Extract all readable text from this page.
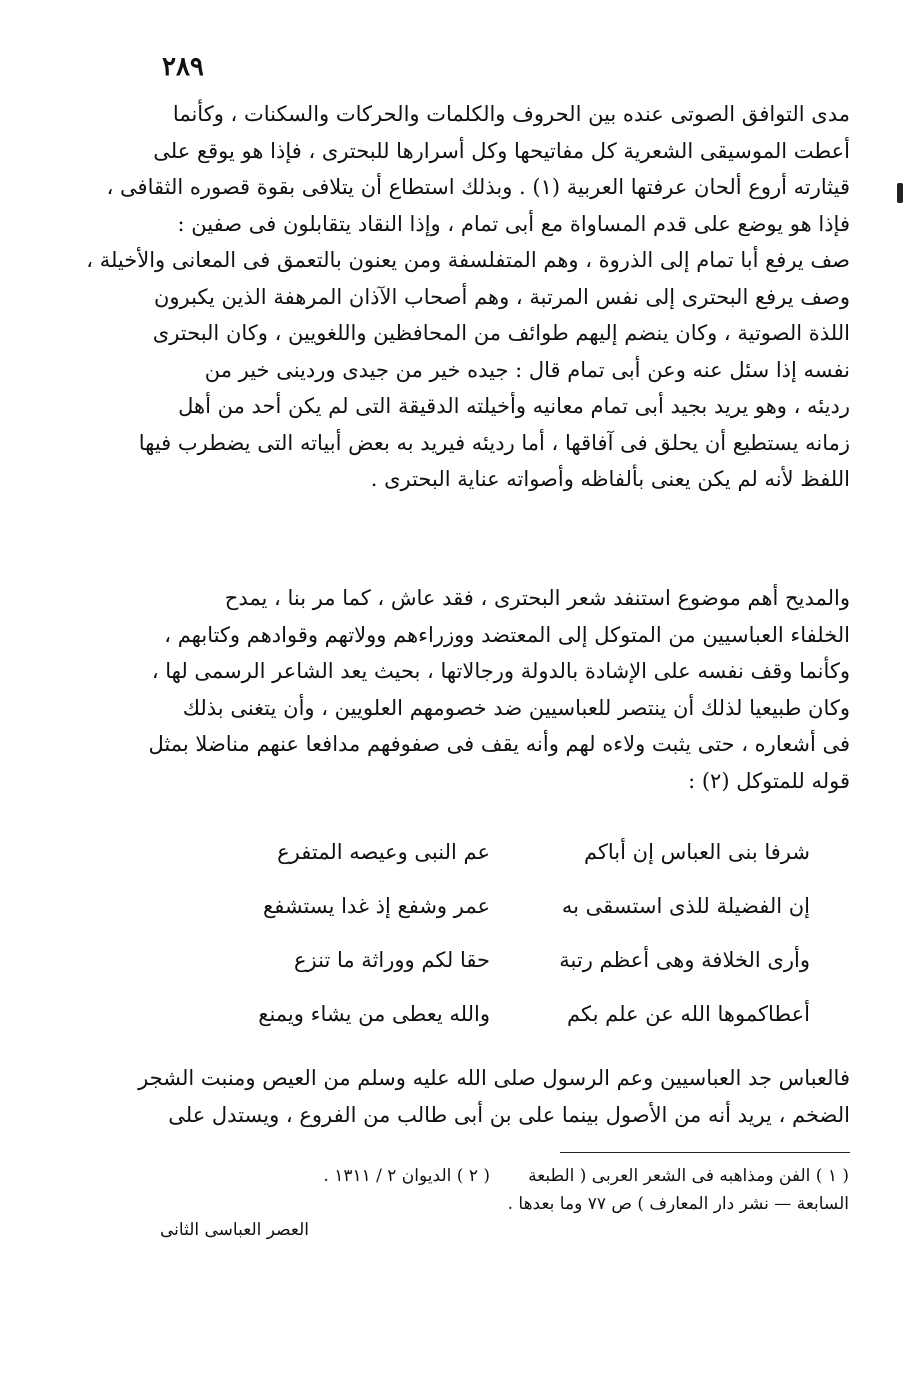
٢٨٩
مدى التوافق الصوتى عنده بين الحروف والكلمات والحركات والسكنات ، وكأنما
أعطت الموسيقى الشعرية كل مفاتيحها وكل أسرارها للبحترى ، فإذا هو يوقع على
قيثارته أروع ألحان عرفتها العربية (١) . وبذلك استطاع أن يتلافى بقوة قصوره الثقافى ،
فإذا هو يوضع على قدم المساواة مع أبى تمام ، وإذا النقاد يتقابلون فى صفين :
صف يرفع أبا تمام إلى الذروة ، وهم المتفلسفة ومن يعنون بالتعمق فى المعانى والأخيلة ،
وصف يرفع البحترى إلى نفس المرتبة ، وهم أصحاب الآذان المرهفة الذين يكبرون
اللذة الصوتية ، وكان ينضم إليهم طوائف من المحافظين واللغويين ، وكان البحترى
نفسه إذا سئل عنه وعن أبى تمام قال : جيده خير من جيدى وردينى خير من
رديئه ، وهو يريد بجيد أبى تمام معانيه وأخيلته الدقيقة التى لم يكن أحد من أهل
زمانه يستطيع أن يحلق فى آفاقها ، أما رديئه فيريد به بعض أبياته التى يضطرب فيها
اللفظ لأنه لم يكن يعنى بألفاظه وأصواته عناية البحترى .
والمديح أهم موضوع استنفد شعر البحترى ، فقد عاش ، كما مر بنا ، يمدح
الخلفاء العباسيين من المتوكل إلى المعتضد ووزراءهم وولاتهم وقوادهم وكتابهم ،
وكأنما وقف نفسه على الإشادة بالدولة ورجالاتها ، بحيث يعد الشاعر الرسمى لها ،
وكان طبيعيا لذلك أن ينتصر للعباسيين ضد خصومهم العلويين ، وأن يتغنى بذلك
فى أشعاره ، حتى يثبت ولاءه لهم وأنه يقف فى صفوفهم مدافعا عنهم مناضلا بمثل
قوله للمتوكل (٢) :
شرفا بنى العباس إن أباكم
عم النبى وعيصه المتفرع
إن الفضيلة للذى استسقى به
عمر وشفع إذ غدا يستشفع
وأرى الخلافة وهى أعظم رتبة
حقا لكم ووراثة ما تنزع
أعطاكموها الله عن علم بكم
والله يعطى من يشاء ويمنع
فالعباس جد العباسيين وعم الرسول صلى الله عليه وسلم من العيص ومنبت الشجر
الضخم ، يريد أنه من الأصول بينما على بن أبى طالب من الفروع ، ويستدل على
( ١ ) الفن ومذاهبه فى الشعر العربى ( الطبعة
السابعة — نشر دار المعارف ) ص ٧٧ وما بعدها .
( ٢ ) الديوان ٢ / ١٣١١ .
العصر العباسى الثانى
